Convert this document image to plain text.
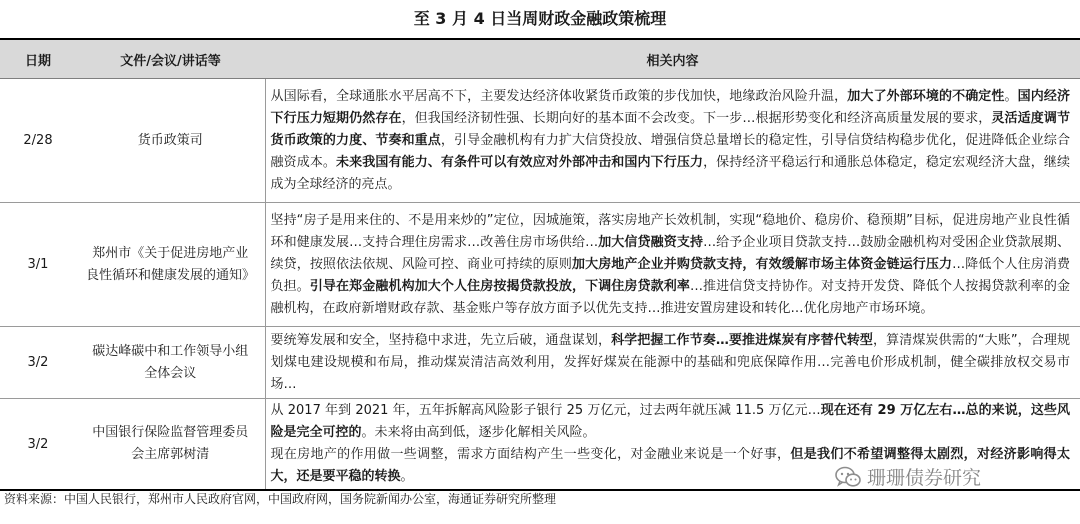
至 3 月 4 日当周财政金融政策梳理
日期	文件/会议/讲话等	相关内容
2/28	货币政策司	从国际看，全球通胀水平居高不下，主要发达经济体收紧货币政策的步伐加快，地缘政治风险升温，加大了外部环境的不确定性。国内经济下行压力短期仍然存在，但我国经济韧性强、长期向好的基本面不会改变。下一步…根据形势变化和经济高质量发展的要求，灵活适度调节货币政策的力度、节奏和重点，引导金融机构有力扩大信贷投放、增强信贷总量增长的稳定性，引导信贷结构稳步优化，促进降低企业综合融资成本。未来我国有能力、有条件可以有效应对外部冲击和国内下行压力，保持经济平稳运行和通胀总体稳定，稳定宏观经济大盘，继续成为全球经济的亮点。
3/1	郑州市《关于促进房地产业良性循环和健康发展的通知》	坚持“房子是用来住的、不是用来炒的”定位，因城施策，落实房地产长效机制，实现“稳地价、稳房价、稳预期”目标，促进房地产业良性循环和健康发展…支持合理住房需求…改善住房市场供给…加大信贷融资支持…给予企业项目贷款支持…鼓励金融机构对受困企业贷款展期、续贷，按照依法依规、风险可控、商业可持续的原则加大房地产企业并购贷款支持，有效缓解市场主体资金链运行压力…降低个人住房消费负担。引导在郑金融机构加大个人住房按揭贷款投放，下调住房贷款利率…推进信贷支持协作。对支持开发贷、降低个人按揭贷款利率的金融机构，在政府新增财政存款、基金账户等存放方面予以优先支持…推进安置房建设和转化…优化房地产市场环境。
3/2	碳达峰碳中和工作领导小组全体会议	要统筹发展和安全，坚持稳中求进，先立后破，通盘谋划，科学把握工作节奏…要推进煤炭有序替代转型，算清煤炭供需的“大账”，合理规划煤电建设规模和布局，推动煤炭清洁高效利用，发挥好煤炭在能源中的基础和兜底保障作用…完善电价形成机制，健全碳排放权交易市场…
3/2	中国银行保险监督管理委员会主席郭树清	从 2017 年到 2021 年，五年拆解高风险影子银行 25 万亿元，过去两年就压减 11.5 万亿元…现在还有 29 万亿左右…总的来说，这些风险是完全可控的。未来将由高到低，逐步化解相关风险。
现在房地产的作用做一些调整，需求方面结构产生一些变化，对金融业来说是一个好事，但是我们不希望调整得太剧烈，对经济影响得太大，还是要平稳的转换。
资料来源：中国人民银行，郑州市人民政府官网，中国政府网，国务院新闻办公室，海通证券研究所整理
珊珊债券研究
